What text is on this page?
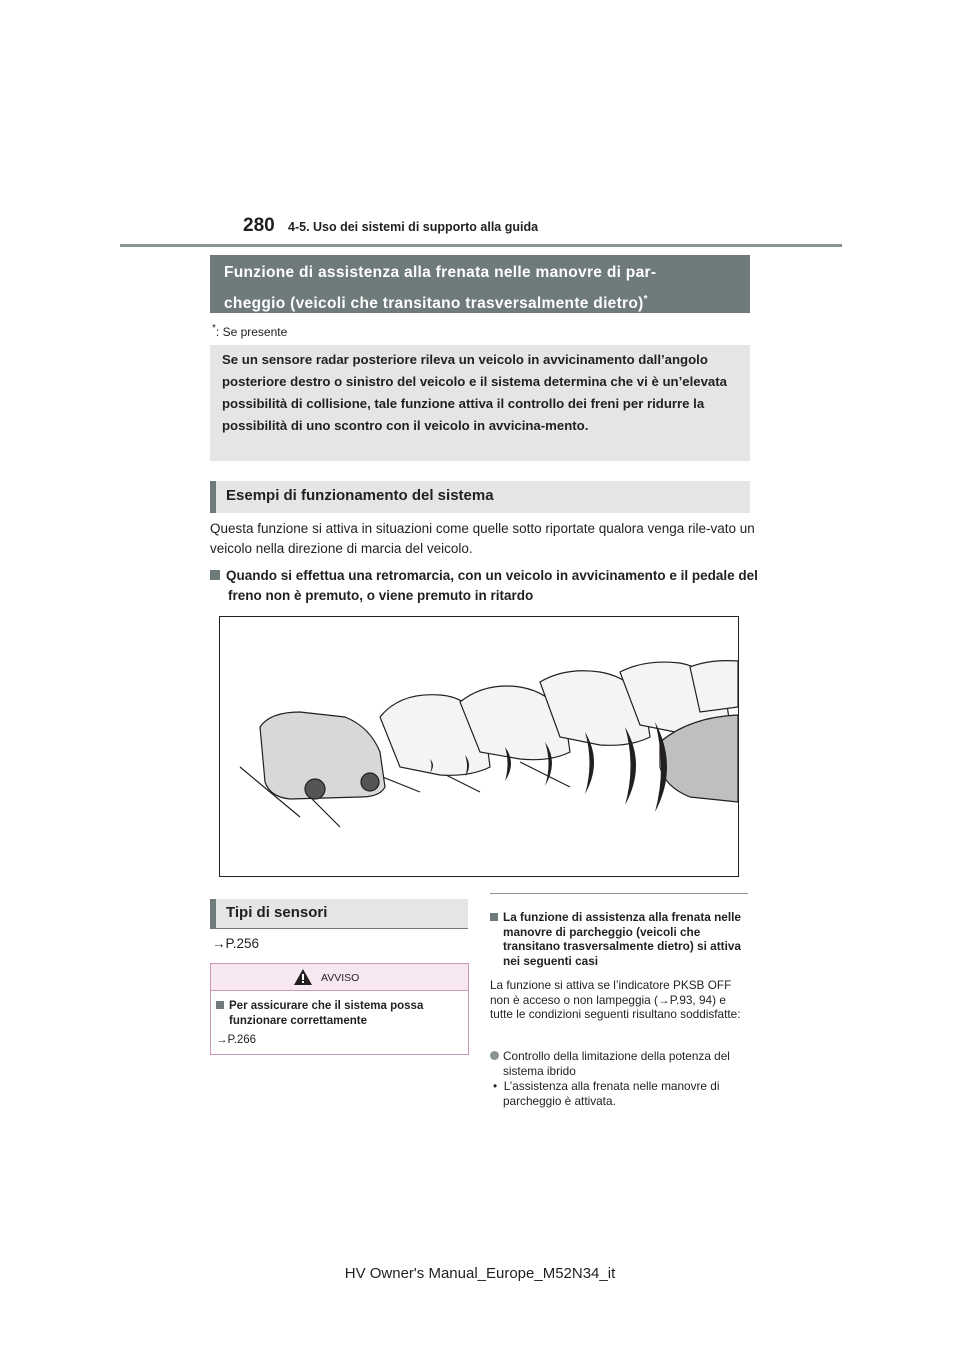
280 4-5. Uso dei sistemi di supporto alla guida
Funzione di assistenza alla frenata nelle manovre di par-
cheggio (veicoli che transitano trasversalmente dietro)*
*: Se presente
Se un sensore radar posteriore rileva un veicolo in avvicinamento dall’angolo posteriore destro o sinistro del veicolo e il sistema determina che vi è un’elevata possibilità di collisione, tale funzione attiva il controllo dei freni per ridurre la possibilità di uno scontro con il veicolo in avvicina-mento.
Esempi di funzionamento del sistema
Questa funzione si attiva in situazioni come quelle sotto riportate qualora venga rile-vato un veicolo nella direzione di marcia del veicolo.
Quando si effettua una retromarcia, con un veicolo in avvicinamento e il pedale del freno non è premuto, o viene premuto in ritardo
Tipi di sensori
→P.256
AVVISO
Per assicurare che il sistema possa funzionare correttamente
→P.266
La funzione di assistenza alla frenata nelle manovre di parcheggio (veicoli che transitano trasversalmente dietro) si attiva nei seguenti casi
La funzione si attiva se l’indicatore PKSB OFF non è acceso o non lampeggia (→P.93, 94) e tutte le condizioni seguenti risultano soddisfatte:
Controllo della limitazione della potenza del sistema ibrido
• L’assistenza alla frenata nelle manovre di parcheggio è attivata.
HV Owner's Manual_Europe_M52N34_it
